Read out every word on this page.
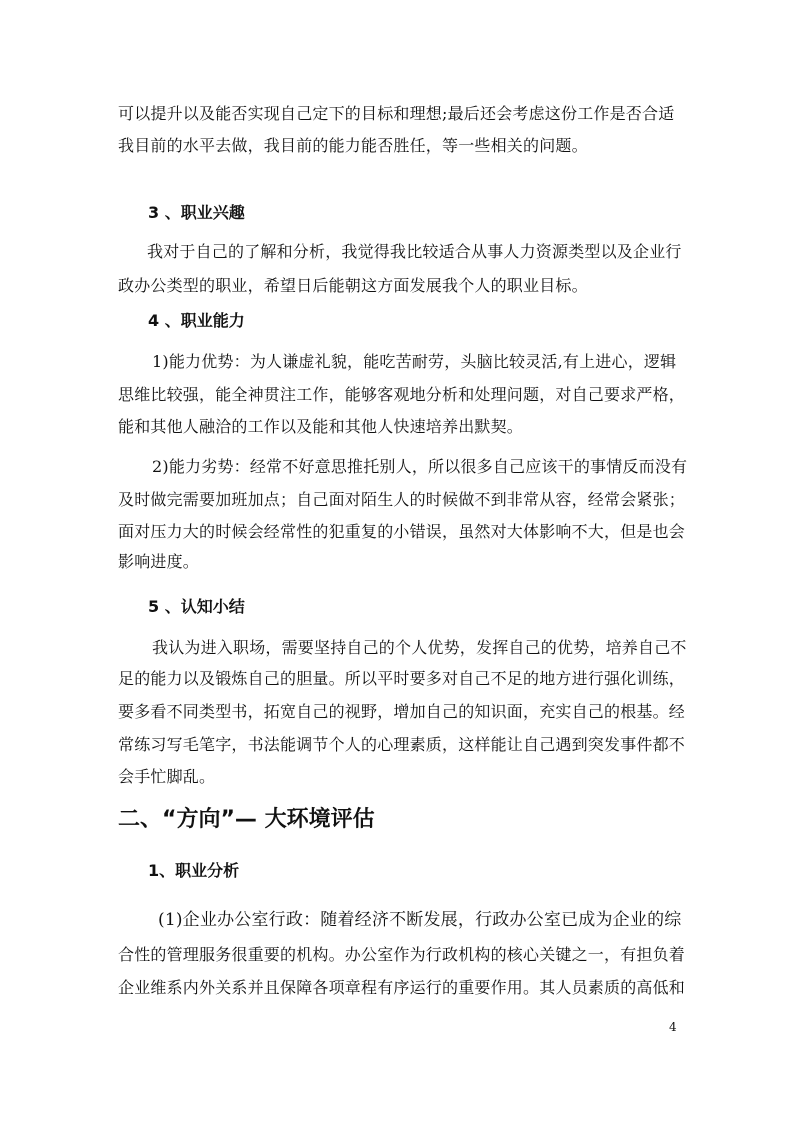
可以提升以及能否实现自己定下的目标和理想;最后还会考虑这份工作是否合适
我目前的水平去做，我目前的能力能否胜任，等一些相关的问题。
3 、职业兴趣
我对于自己的了解和分析，我觉得我比较适合从事人力资源类型以及企业行
政办公类型的职业，希望日后能朝这方面发展我个人的职业目标。
4 、职业能力
1)能力优势：为人谦虚礼貌，能吃苦耐劳，头脑比较灵活,有上进心，逻辑
思维比较强，能全神贯注工作，能够客观地分析和处理问题，对自己要求严格，
能和其他人融洽的工作以及能和其他人快速培养出默契。
2)能力劣势：经常不好意思推托别人，所以很多自己应该干的事情反而没有
及时做完需要加班加点；自己面对陌生人的时候做不到非常从容，经常会紧张；
面对压力大的时候会经常性的犯重复的小错误，虽然对大体影响不大，但是也会
影响进度。
5 、认知小结
我认为进入职场，需要坚持自己的个人优势，发挥自己的优势，培养自己不
足的能力以及锻炼自己的胆量。所以平时要多对自己不足的地方进行强化训练，
要多看不同类型书，拓宽自己的视野，增加自己的知识面，充实自己的根基。经
常练习写毛笔字，书法能调节个人的心理素质，这样能让自己遇到突发事件都不
会手忙脚乱。
二、“方向”— 大环境评估
1、职业分析
(1)企业办公室行政：随着经济不断发展，行政办公室已成为企业的综
合性的管理服务很重要的机构。办公室作为行政机构的核心关键之一，有担负着
企业维系内外关系并且保障各项章程有序运行的重要作用。其人员素质的高低和
4
